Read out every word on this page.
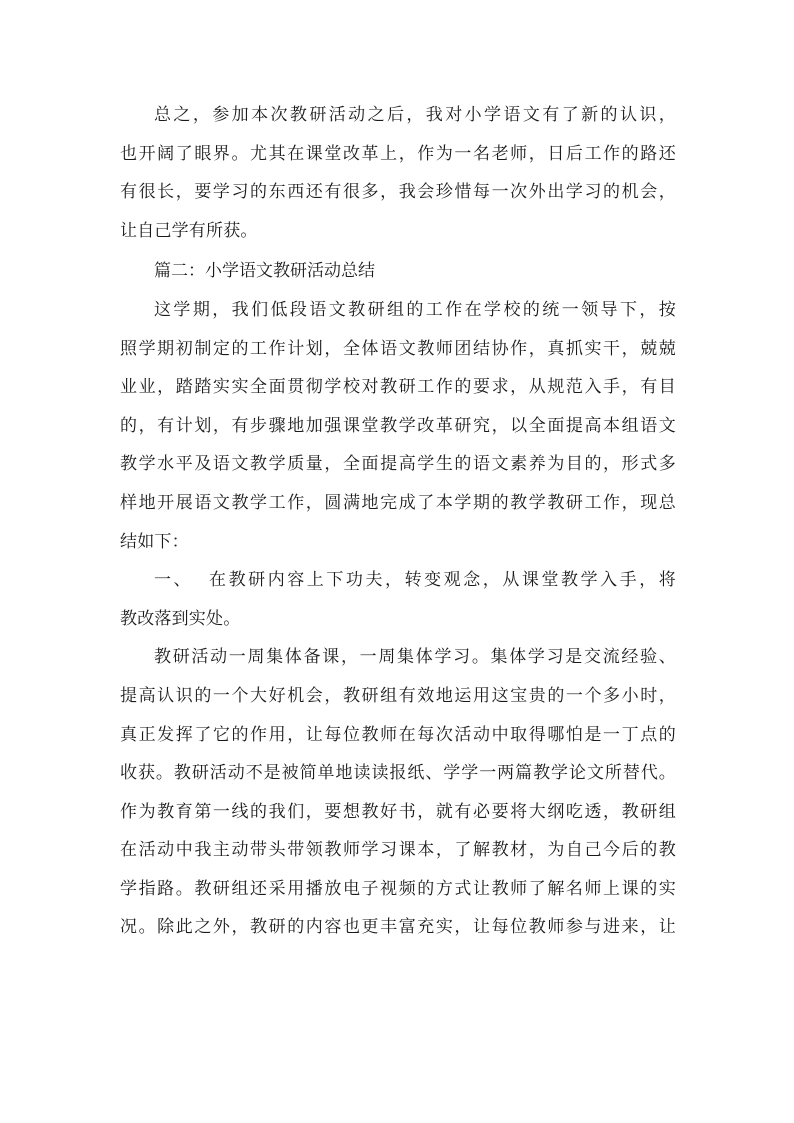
总之，参加本次教研活动之后，我对小学语文有了新的认识，
也开阔了眼界。尤其在课堂改革上，作为一名老师，日后工作的路还
有很长，要学习的东西还有很多，我会珍惜每一次外出学习的机会，
让自己学有所获。

篇二：小学语文教研活动总结

这学期，我们低段语文教研组的工作在学校的统一领导下，按
照学期初制定的工作计划，全体语文教师团结协作，真抓实干，兢兢
业业，踏踏实实全面贯彻学校对教研工作的要求，从规范入手，有目
的，有计划，有步骤地加强课堂教学改革研究，以全面提高本组语文
教学水平及语文教学质量，全面提高学生的语文素养为目的，形式多
样地开展语文教学工作，圆满地完成了本学期的教学教研工作，现总
结如下：

一、  在教研内容上下功夫，转变观念，从课堂教学入手，将
教改落到实处。

教研活动一周集体备课，一周集体学习。集体学习是交流经验、
提高认识的一个大好机会，教研组有效地运用这宝贵的一个多小时，
真正发挥了它的作用，让每位教师在每次活动中取得哪怕是一丁点的
收获。教研活动不是被简单地读读报纸、学学一两篇教学论文所替代。
作为教育第一线的我们，要想教好书，就有必要将大纲吃透，教研组
在活动中我主动带头带领教师学习课本，了解教材，为自己今后的教
学指路。教研组还采用播放电子视频的方式让教师了解名师上课的实
况。除此之外，教研的内容也更丰富充实，让每位教师参与进来，让
